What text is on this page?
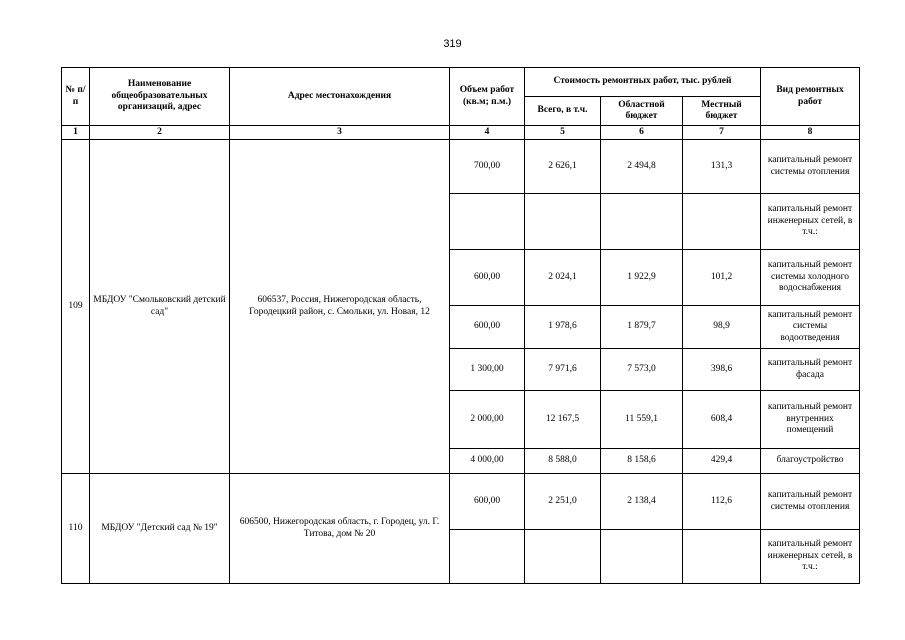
319
№ п/п	Наименование общеобразовательных организаций, адрес	Адрес местонахождения	Объем работ (кв.м; п.м.)	Стоимость ремонтных работ, тыс. рублей			Вид ремонтных работ
				Всего, в т.ч.	Областной бюджет	Местный бюджет	
1	2	3	4	5	6	7	8
109	МБДОУ "Смольковский детский сад"	606537, Россия, Нижегородская область, Городецкий район, с. Смольки, ул. Новая, 12	700,00	2 626,1	2 494,8	131,3	капитальный ремонт системы отопления
							капитальный ремонт инженерных сетей, в т.ч.:
			600,00	2 024,1	1 922,9	101,2	капитальный ремонт системы холодного водоснабжения
			600,00	1 978,6	1 879,7	98,9	капитальный ремонт системы водоотведения
			1 300,00	7 971,6	7 573,0	398,6	капитальный ремонт фасада
			2 000,00	12 167,5	11 559,1	608,4	капитальный ремонт внутренних помещений
			4 000,00	8 588,0	8 158,6	429,4	благоустройство
110	МБДОУ "Детский сад № 19"	606500, Нижегородская область, г. Городец, ул. Г. Титова, дом № 20	600,00	2 251,0	2 138,4	112,6	капитальный ремонт системы отопления
							капитальный ремонт инженерных сетей, в т.ч.:
